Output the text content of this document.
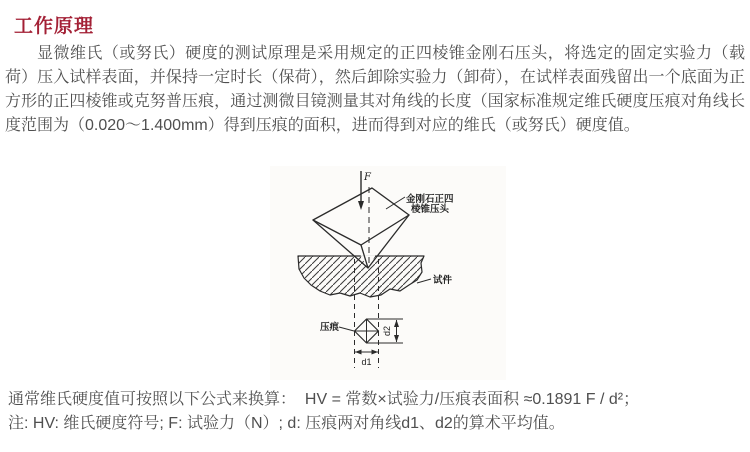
工作原理
显微维氏（或努氏）硬度的测试原理是采用规定的正四棱锥金刚石压头，将选定的固定实验力（载荷）压入试样表面，并保持一定时长（保荷），然后卸除实验力（卸荷），在试样表面残留出一个底面为正方形的正四棱锥或克努普压痕，通过测微目镜测量其对角线的长度（国家标准规定维氏硬度压痕对角线长度范围为（0.020～1.400mm）得到压痕的面积，进而得到对应的维氏（或努氏）硬度值。
F
金刚石正四
棱锥压头
试件
压痕	d2
d1
通常维氏硬度值可按照以下公式来换算：  HV = 常数×试验力/压痕表面积 ≈0.1891 F / d²；
注: HV: 维氏硬度符号; F: 试验力（N）; d: 压痕两对角线d1、d2的算术平均值。
